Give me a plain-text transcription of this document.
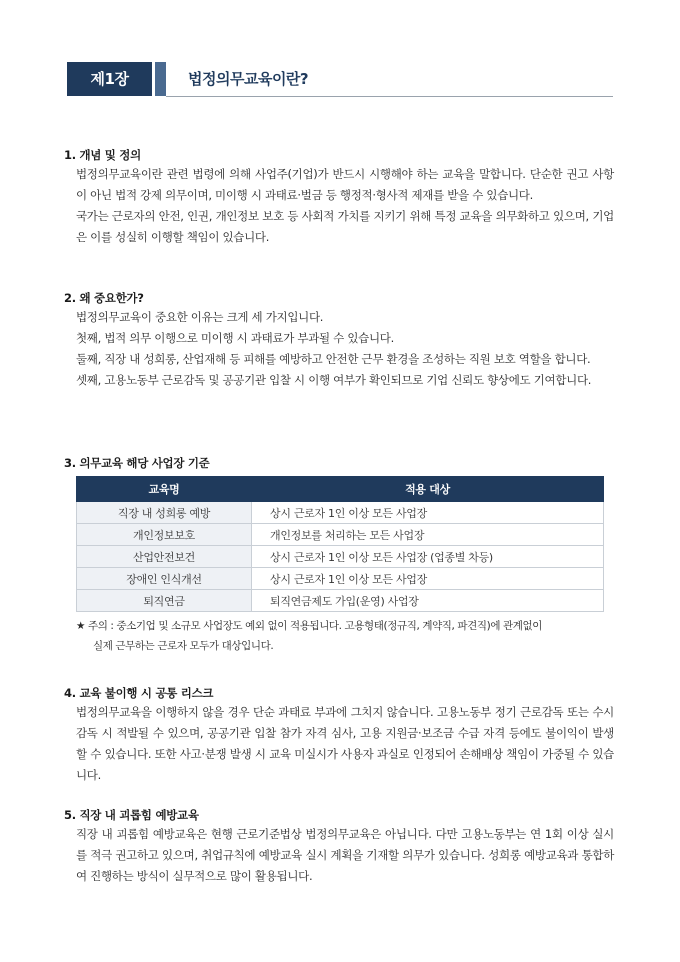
제1장	법정의무교육이란?
1. 개념 및 정의
법정의무교육이란 관련 법령에 의해 사업주(기업)가 반드시 시행해야 하는 교육을 말합니다. 단순한 권고 사항이 아닌 법적 강제 의무이며, 미이행 시 과태료·벌금 등 행정적·형사적 제재를 받을 수 있습니다.
국가는 근로자의 안전, 인권, 개인정보 보호 등 사회적 가치를 지키기 위해 특정 교육을 의무화하고 있으며, 기업은 이를 성실히 이행할 책임이 있습니다.
2. 왜 중요한가?
법정의무교육이 중요한 이유는 크게 세 가지입니다.
첫째, 법적 의무 이행으로 미이행 시 과태료가 부과될 수 있습니다.
둘째, 직장 내 성희롱, 산업재해 등 피해를 예방하고 안전한 근무 환경을 조성하는 직원 보호 역할을 합니다.
셋째, 고용노동부 근로감독 및 공공기관 입찰 시 이행 여부가 확인되므로 기업 신뢰도 향상에도 기여합니다.
3. 의무교육 해당 사업장 기준
교육명	적용 대상
직장 내 성희롱 예방	상시 근로자 1인 이상 모든 사업장
개인정보보호	개인정보를 처리하는 모든 사업장
산업안전보건	상시 근로자 1인 이상 모든 사업장 (업종별 차등)
장애인 인식개선	상시 근로자 1인 이상 모든 사업장
퇴직연금	퇴직연금제도 가입(운영) 사업장
★ 주의 : 중소기업 및 소규모 사업장도 예외 없이 적용됩니다. 고용형태(정규직, 계약직, 파견직)에 관계없이
실제 근무하는 근로자 모두가 대상입니다.
4. 교육 불이행 시 공통 리스크
법정의무교육을 이행하지 않을 경우 단순 과태료 부과에 그치지 않습니다. 고용노동부 정기 근로감독 또는 수시 감독 시 적발될 수 있으며, 공공기관 입찰 참가 자격 심사, 고용 지원금·보조금 수급 자격 등에도 불이익이 발생할 수 있습니다. 또한 사고·분쟁 발생 시 교육 미실시가 사용자 과실로 인정되어 손해배상 책임이 가중될 수 있습니다.
5. 직장 내 괴롭힘 예방교육
직장 내 괴롭힘 예방교육은 현행 근로기준법상 법정의무교육은 아닙니다. 다만 고용노동부는 연 1회 이상 실시를 적극 권고하고 있으며, 취업규칙에 예방교육 실시 계획을 기재할 의무가 있습니다. 성희롱 예방교육과 통합하여 진행하는 방식이 실무적으로 많이 활용됩니다.
